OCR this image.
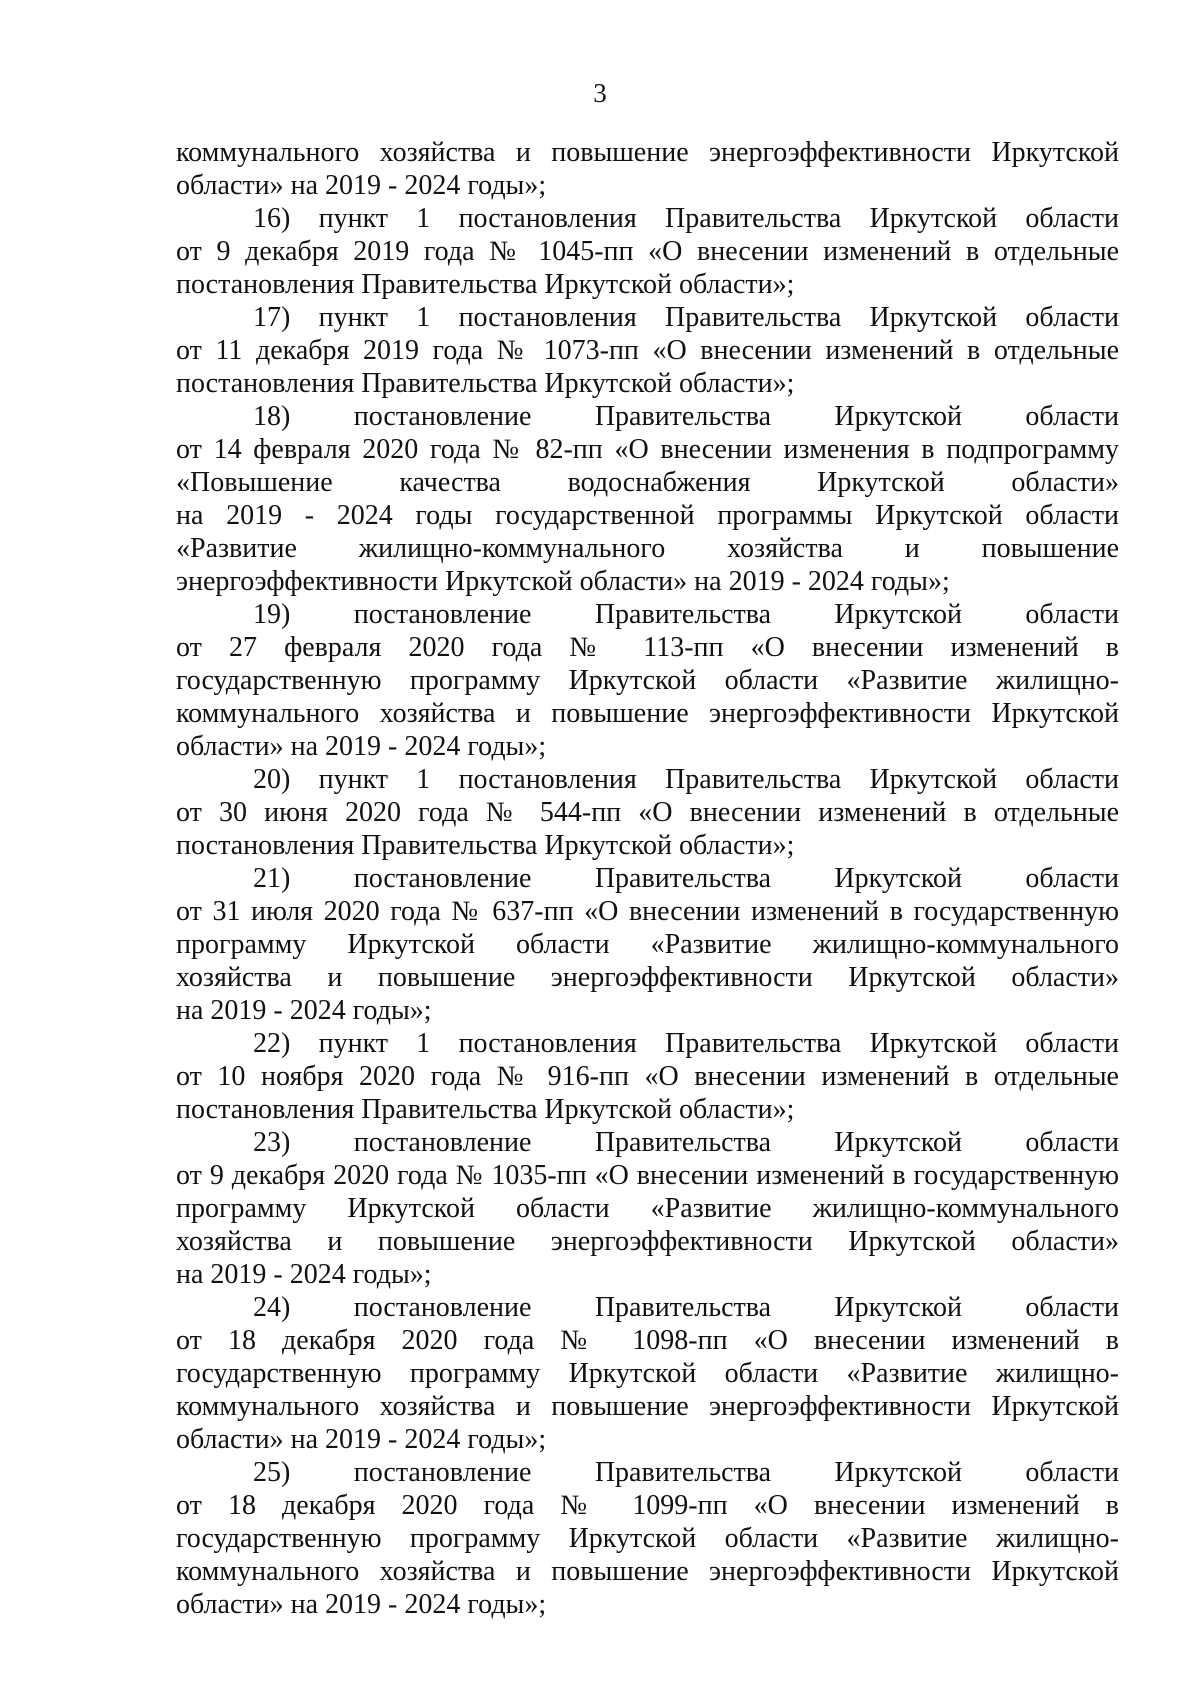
3
коммунального хозяйства и повышение энергоэффективности Иркутской
области» на 2019 - 2024 годы»;
16) пункт 1 постановления Правительства Иркутской области
от 9 декабря 2019 года № 1045-пп «О внесении изменений в отдельные
постановления Правительства Иркутской области»;
17) пункт 1 постановления Правительства Иркутской области
от 11 декабря 2019 года № 1073-пп «О внесении изменений в отдельные
постановления Правительства Иркутской области»;
18) постановление Правительства Иркутской области
от 14 февраля 2020 года № 82-пп «О внесении изменения в подпрограмму
«Повышение качества водоснабжения Иркутской области»
на 2019 - 2024 годы государственной программы Иркутской области
«Развитие жилищно-коммунального хозяйства и повышение
энергоэффективности Иркутской области» на 2019 - 2024 годы»;
19) постановление Правительства Иркутской области
от 27 февраля 2020 года № 113-пп «О внесении изменений в
государственную программу Иркутской области «Развитие жилищно-
коммунального хозяйства и повышение энергоэффективности Иркутской
области» на 2019 - 2024 годы»;
20) пункт 1 постановления Правительства Иркутской области
от 30 июня 2020 года № 544-пп «О внесении изменений в отдельные
постановления Правительства Иркутской области»;
21) постановление Правительства Иркутской области
от 31 июля 2020 года № 637-пп «О внесении изменений в государственную
программу Иркутской области «Развитие жилищно-коммунального
хозяйства и повышение энергоэффективности Иркутской области»
на 2019 - 2024 годы»;
22) пункт 1 постановления Правительства Иркутской области
от 10 ноября 2020 года № 916-пп «О внесении изменений в отдельные
постановления Правительства Иркутской области»;
23) постановление Правительства Иркутской области
от 9 декабря 2020 года № 1035-пп «О внесении изменений в государственную
программу Иркутской области «Развитие жилищно-коммунального
хозяйства и повышение энергоэффективности Иркутской области»
на 2019 - 2024 годы»;
24) постановление Правительства Иркутской области
от 18 декабря 2020 года № 1098-пп «О внесении изменений в
государственную программу Иркутской области «Развитие жилищно-
коммунального хозяйства и повышение энергоэффективности Иркутской
области» на 2019 - 2024 годы»;
25) постановление Правительства Иркутской области
от 18 декабря 2020 года № 1099-пп «О внесении изменений в
государственную программу Иркутской области «Развитие жилищно-
коммунального хозяйства и повышение энергоэффективности Иркутской
области» на 2019 - 2024 годы»;
